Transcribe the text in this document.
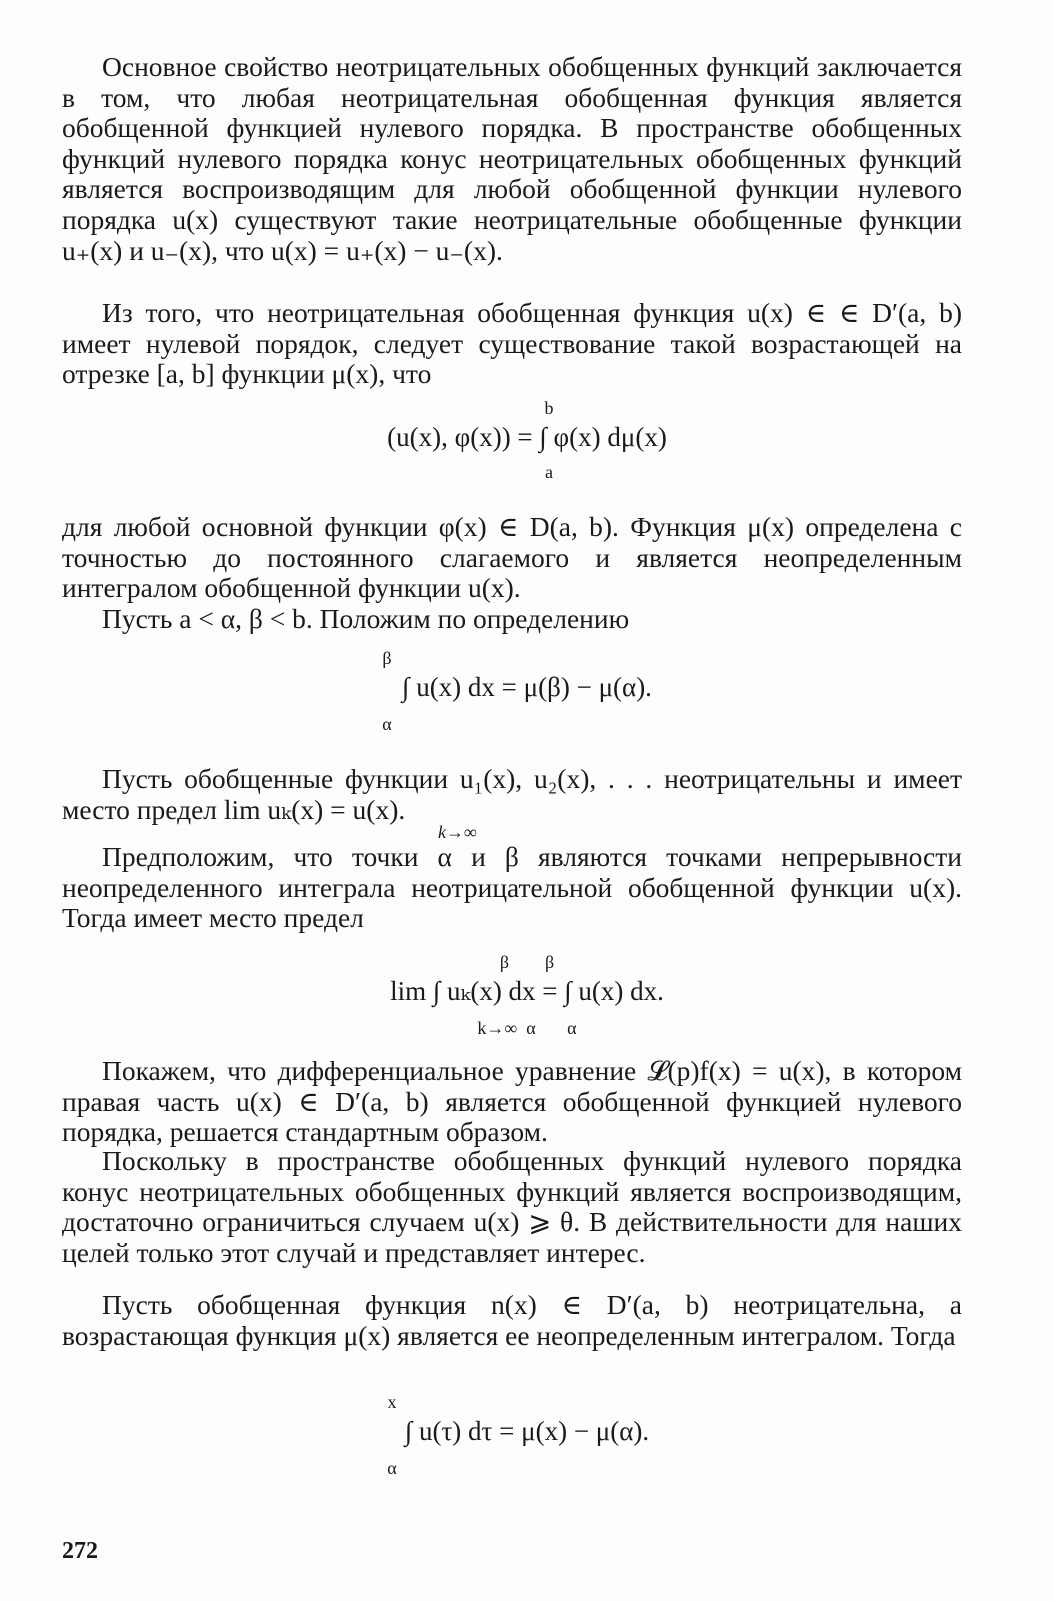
Основное свойство неотрицательных обобщенных функций заключается в том, что любая неотрицательная обобщенная функция является обобщенной функцией нулевого порядка. В пространстве обобщенных функций нулевого порядка конус неотрицательных обобщенных функций является воспроизводящим для любой обобщенной функции нулевого порядка u(x) существуют такие неотрицательные обобщенные функции u₊(x) и u₋(x), что u(x) = u₊(x) − u₋(x).

Из того, что неотрицательная обобщенная функция u(x) ∈ ∈ D′(a, b) имеет нулевой порядок, следует существование такой возрастающей на отрезке [a, b] функции μ(x), что

b
(u(x), φ(x)) = ∫ φ(x) dμ(x)
a

для любой основной функции φ(x) ∈ D(a, b). Функция μ(x) определена с точностью до постоянного слагаемого и является неопределенным интегралом обобщенной функции u(x).

Пусть a < α, β < b. Положим по определению

β
∫ u(x) dx = μ(β) − μ(α).
α

Пусть обобщенные функции u₁(x), u₂(x), . . . неотрицательны и имеет место предел lim uₖ(x) = u(x).

k→∞

Предположим, что точки α и β являются точками непрерывности неопределенного интеграла неотрицательной обобщенной функции u(x). Тогда имеет место предел

β        β
lim ∫ uₖ(x) dx = ∫ u(x) dx.
k→∞  α       α

Покажем, что дифференциальное уравнение 𝓛(p)f(x) = u(x), в котором правая часть u(x) ∈ D′(a, b) является обобщенной функцией нулевого порядка, решается стандартным образом.

Поскольку в пространстве обобщенных функций нулевого порядка конус неотрицательных обобщенных функций является воспроизводящим, достаточно ограничиться случаем u(x) ⩾ θ. В действительности для наших целей только этот случай и представляет интерес.

Пусть обобщенная функция n(x) ∈ D′(a, b) неотрицательна, а возрастающая функция μ(x) является ее неопределенным интегралом. Тогда

x
∫ u(τ) dτ = μ(x) − μ(α).
α
272
